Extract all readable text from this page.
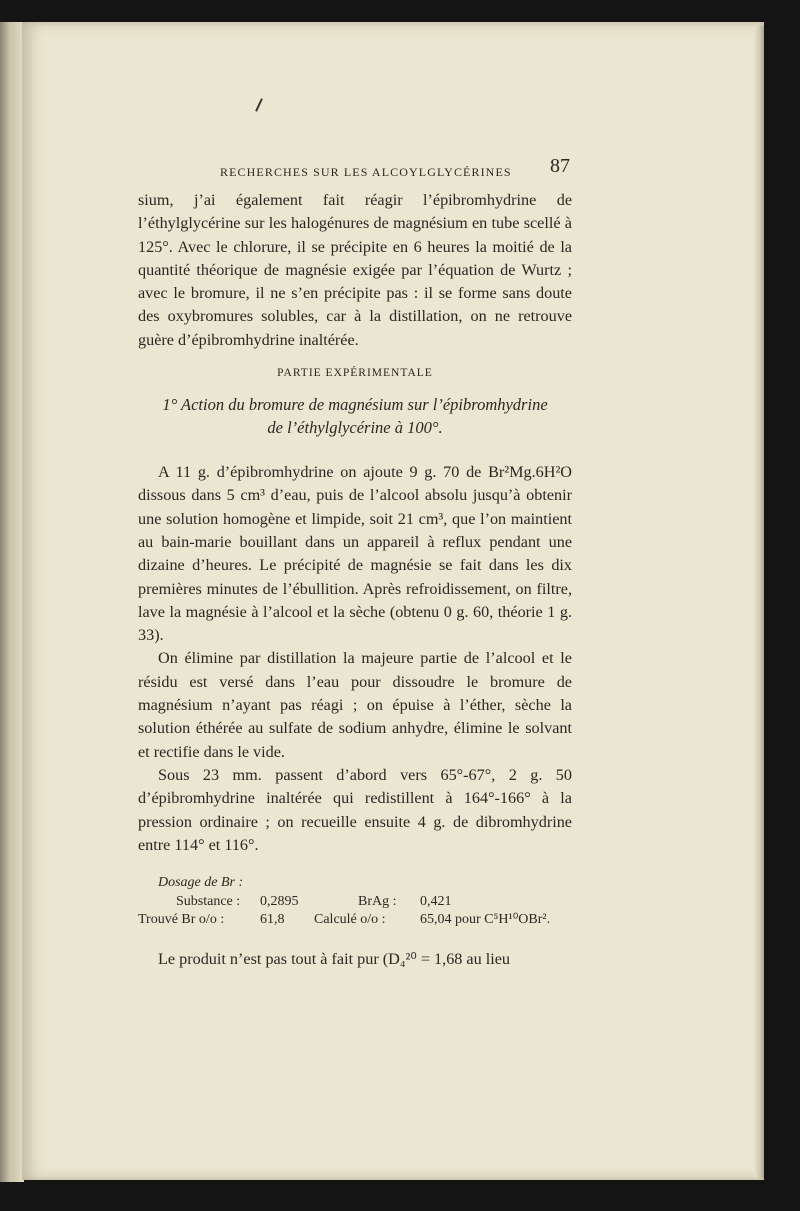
RECHERCHES SUR LES ALCOYLGLYCÉRINES 87

sium, j’ai également fait réagir l’épibromhydrine de l’éthylglycérine sur les halogénures de magnésium en tube scellé à 125°. Avec le chlorure, il se précipite en 6 heures la moitié de la quantité théorique de magnésie exigée par l’équation de Wurtz ; avec le bromure, il ne s’en précipite pas : il se forme sans doute des oxybromures solubles, car à la distillation, on ne retrouve guère d’épibromhydrine inaltérée.

PARTIE EXPÉRIMENTALE
1° Action du bromure de magnésium sur l’épibromhydrine
de l’éthylglycérine à 100°.

A 11 g. d’épibromhydrine on ajoute 9 g. 70 de Br²Mg.6H²O dissous dans 5 cm³ d’eau, puis de l’alcool absolu jusqu’à obtenir une solution homogène et limpide, soit 21 cm³, que l’on maintient au bain-marie bouillant dans un appareil à reflux pendant une dizaine d’heures. Le précipité de magnésie se fait dans les dix premières minutes de l’ébullition. Après refroidissement, on filtre, lave la magnésie à l’alcool et la sèche (obtenu 0 g. 60, théorie 1 g. 33).

On élimine par distillation la majeure partie de l’alcool et le résidu est versé dans l’eau pour dissoudre le bromure de magnésium n’ayant pas réagi ; on épuise à l’éther, sèche la solution éthérée au sulfate de sodium anhydre, élimine le solvant et rectifie dans le vide.

Sous 23 mm. passent d’abord vers 65°-67°, 2 g. 50 d’épibromhydrine inaltérée qui redistillent à 164°-166° à la pression ordinaire ; on recueille ensuite 4 g. de dibromhydrine entre 114° et 116°.

Dosage de Br :
Substance : 0,2895	BrAg : 0,421
Trouvé Br o/o :	61,8 Calculé o/o : 65,04 pour C⁵H¹⁰OBr².

Le produit n’est pas tout à fait pur (D₄²⁰ = 1,68 au lieu
